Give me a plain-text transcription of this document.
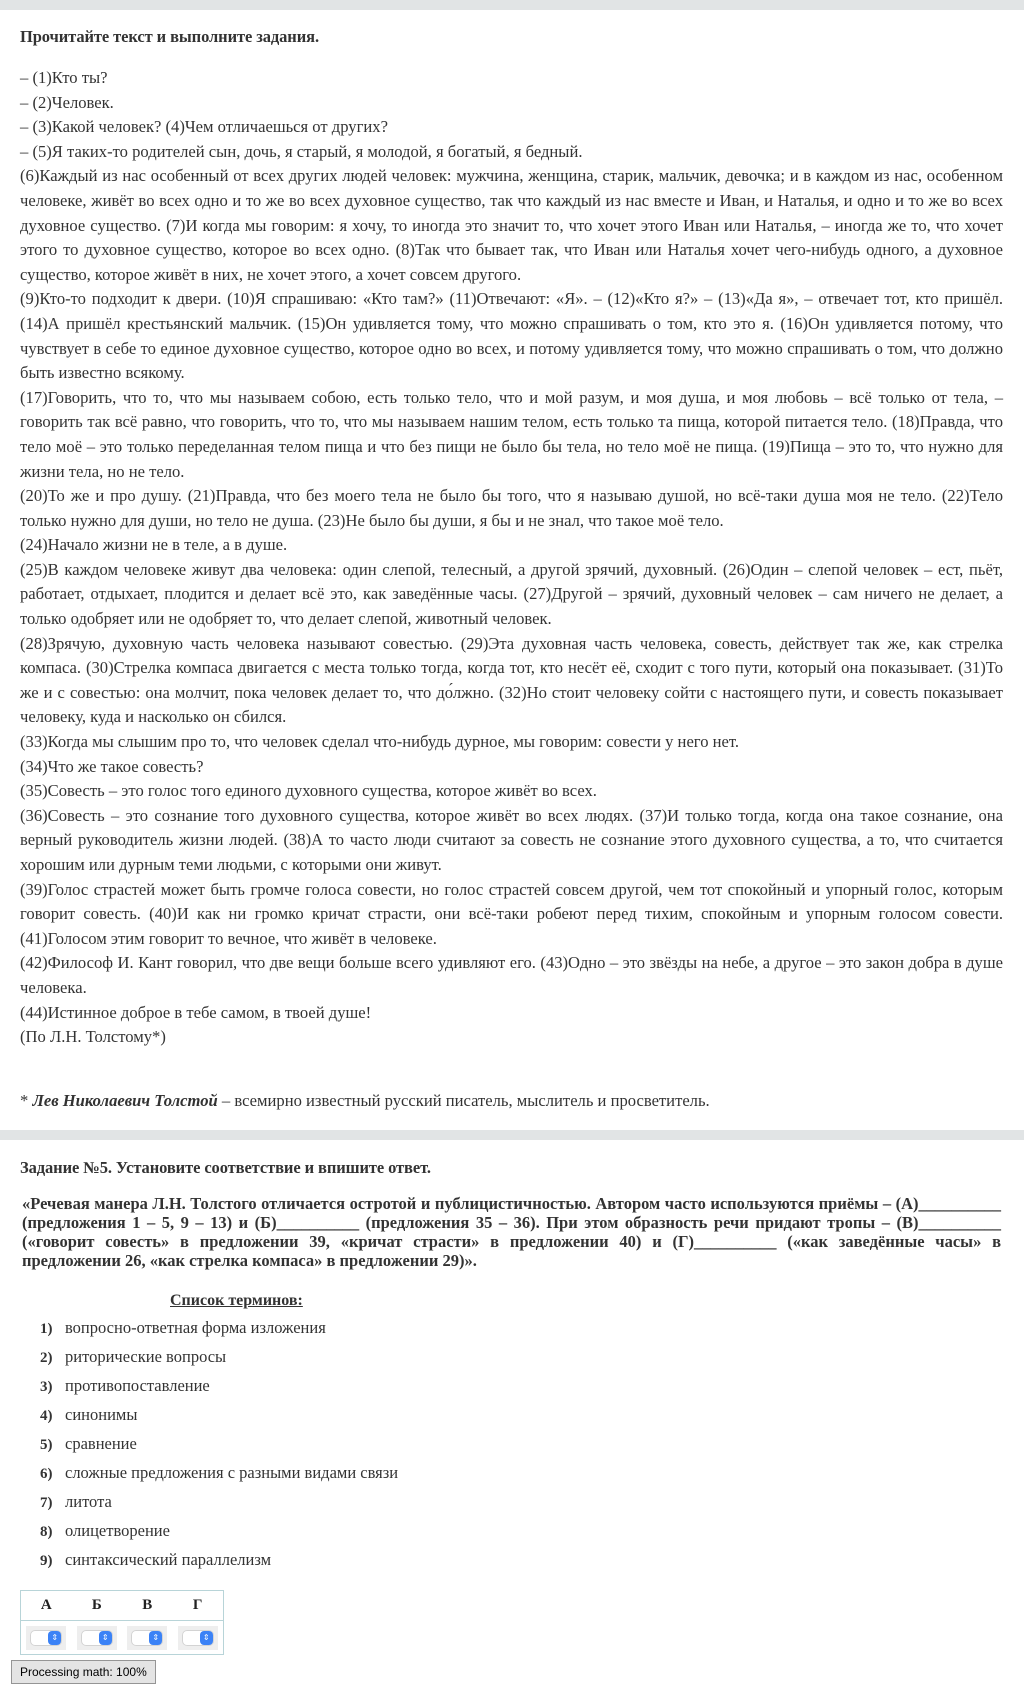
Прочитайте текст и выполните задания.

– (1)Кто ты?

– (2)Человек.

– (3)Какой человек? (4)Чем отличаешься от других?

– (5)Я таких-то родителей сын, дочь, я старый, я молодой, я богатый, я бедный.

(6)Каждый из нас особенный от всех других людей человек: мужчина, женщина, старик, мальчик, девочка; и в каждом из нас, особенном человеке, живёт во всех одно и то же во всех духовное существо, так что каждый из нас вместе и Иван, и Наталья, и одно и то же во всех духовное существо. (7)И когда мы говорим: я хочу, то иногда это значит то, что хочет этого Иван или Наталья, – иногда же то, что хочет этого то духовное существо, которое во всех одно. (8)Так что бывает так, что Иван или Наталья хочет чего-нибудь одного, а духовное существо, которое живёт в них, не хочет этого, а хочет совсем другого.

(9)Кто-то подходит к двери. (10)Я спрашиваю: «Кто там?» (11)Отвечают: «Я». – (12)«Кто я?» – (13)«Да я», – отвечает тот, кто пришёл. (14)А пришёл крестьянский мальчик. (15)Он удивляется тому, что можно спрашивать о том, кто это я. (16)Он удивляется потому, что чувствует в себе то единое духовное существо, которое одно во всех, и потому удивляется тому, что можно спрашивать о том, что должно быть известно всякому.

(17)Говорить, что то, что мы называем собою, есть только тело, что и мой разум, и моя душа, и моя любовь – всё только от тела, – говорить так всё равно, что говорить, что то, что мы называем нашим телом, есть только та пища, которой питается тело. (18)Правда, что тело моё – это только переделанная телом пища и что без пищи не было бы тела, но тело моё не пища. (19)Пища – это то, что нужно для жизни тела, но не тело.

(20)То же и про душу. (21)Правда, что без моего тела не было бы того, что я называю душой, но всё-таки душа моя не тело. (22)Тело только нужно для души, но тело не душа. (23)Не было бы души, я бы и не знал, что такое моё тело.

(24)Начало жизни не в теле, а в душе.

(25)В каждом человеке живут два человека: один слепой, телесный, а другой зрячий, духовный. (26)Один – слепой человек – ест, пьёт, работает, отдыхает, плодится и делает всё это, как заведённые часы. (27)Другой – зрячий, духовный человек – сам ничего не делает, а только одобряет или не одобряет то, что делает слепой, животный человек.

(28)Зрячую, духовную часть человека называют совестью. (29)Эта духовная часть человека, совесть, действует так же, как стрелка компаса. (30)Стрелка компаса двигается с места только тогда, когда тот, кто несёт её, сходит с того пути, который она показывает. (31)То же и с совестью: она молчит, пока человек делает то, что до́лжно. (32)Но стоит человеку сойти с настоящего пути, и совесть показывает человеку, куда и насколько он сбился.

(33)Когда мы слышим про то, что человек сделал что-нибудь дурное, мы говорим: совести у него нет.

(34)Что же такое совесть?

(35)Совесть – это голос того единого духовного существа, которое живёт во всех.

(36)Совесть – это сознание того духовного существа, которое живёт во всех людях. (37)И только тогда, когда она такое сознание, она верный руководитель жизни людей. (38)А то часто люди считают за совесть не сознание этого духовного существа, а то, что считается хорошим или дурным теми людьми, с которыми они живут.

(39)Голос страстей может быть громче голоса совести, но голос страстей совсем другой, чем тот спокойный и упорный голос, которым говорит совесть. (40)И как ни громко кричат страсти, они всё-таки робеют перед тихим, спокойным и упорным голосом совести. (41)Голосом этим говорит то вечное, что живёт в человеке.

(42)Философ И. Кант говорил, что две вещи больше всего удивляют его. (43)Одно – это звёзды на небе, а другое – это закон добра в душе человека.

(44)Истинное доброе в тебе самом, в твоей душе!

(По Л.Н. Толстому*)

* Лев Николаевич Толстой – всемирно известный русский писатель, мыслитель и просветитель.
Задание №5. Установите соответствие и впишите ответ.
«Речевая манера Л.Н. Толстого отличается остротой и публицистичностью. Автором часто используются приёмы – (А)__________ (предложения 1 – 5, 9 – 13) и (Б)__________ (предложения 35 – 36). При этом образность речи придают тропы – (В)__________ («говорит совесть» в предложении 39, «кричат страсти» в предложении 40) и (Г)__________ («как заведённые часы» в предложении 26, «как стрелка компаса» в предложении 29)».
Список терминов:
1) вопросно-ответная форма изложения
2) риторические вопросы
3) противопоставление
4) синонимы
5) сравнение
6) сложные предложения с разными видами связи
7) литота
8) олицетворение
9) синтаксический параллелизм
А	Б	В	Г

⇕	⇕	⇕	⇕
Processing math: 100%
